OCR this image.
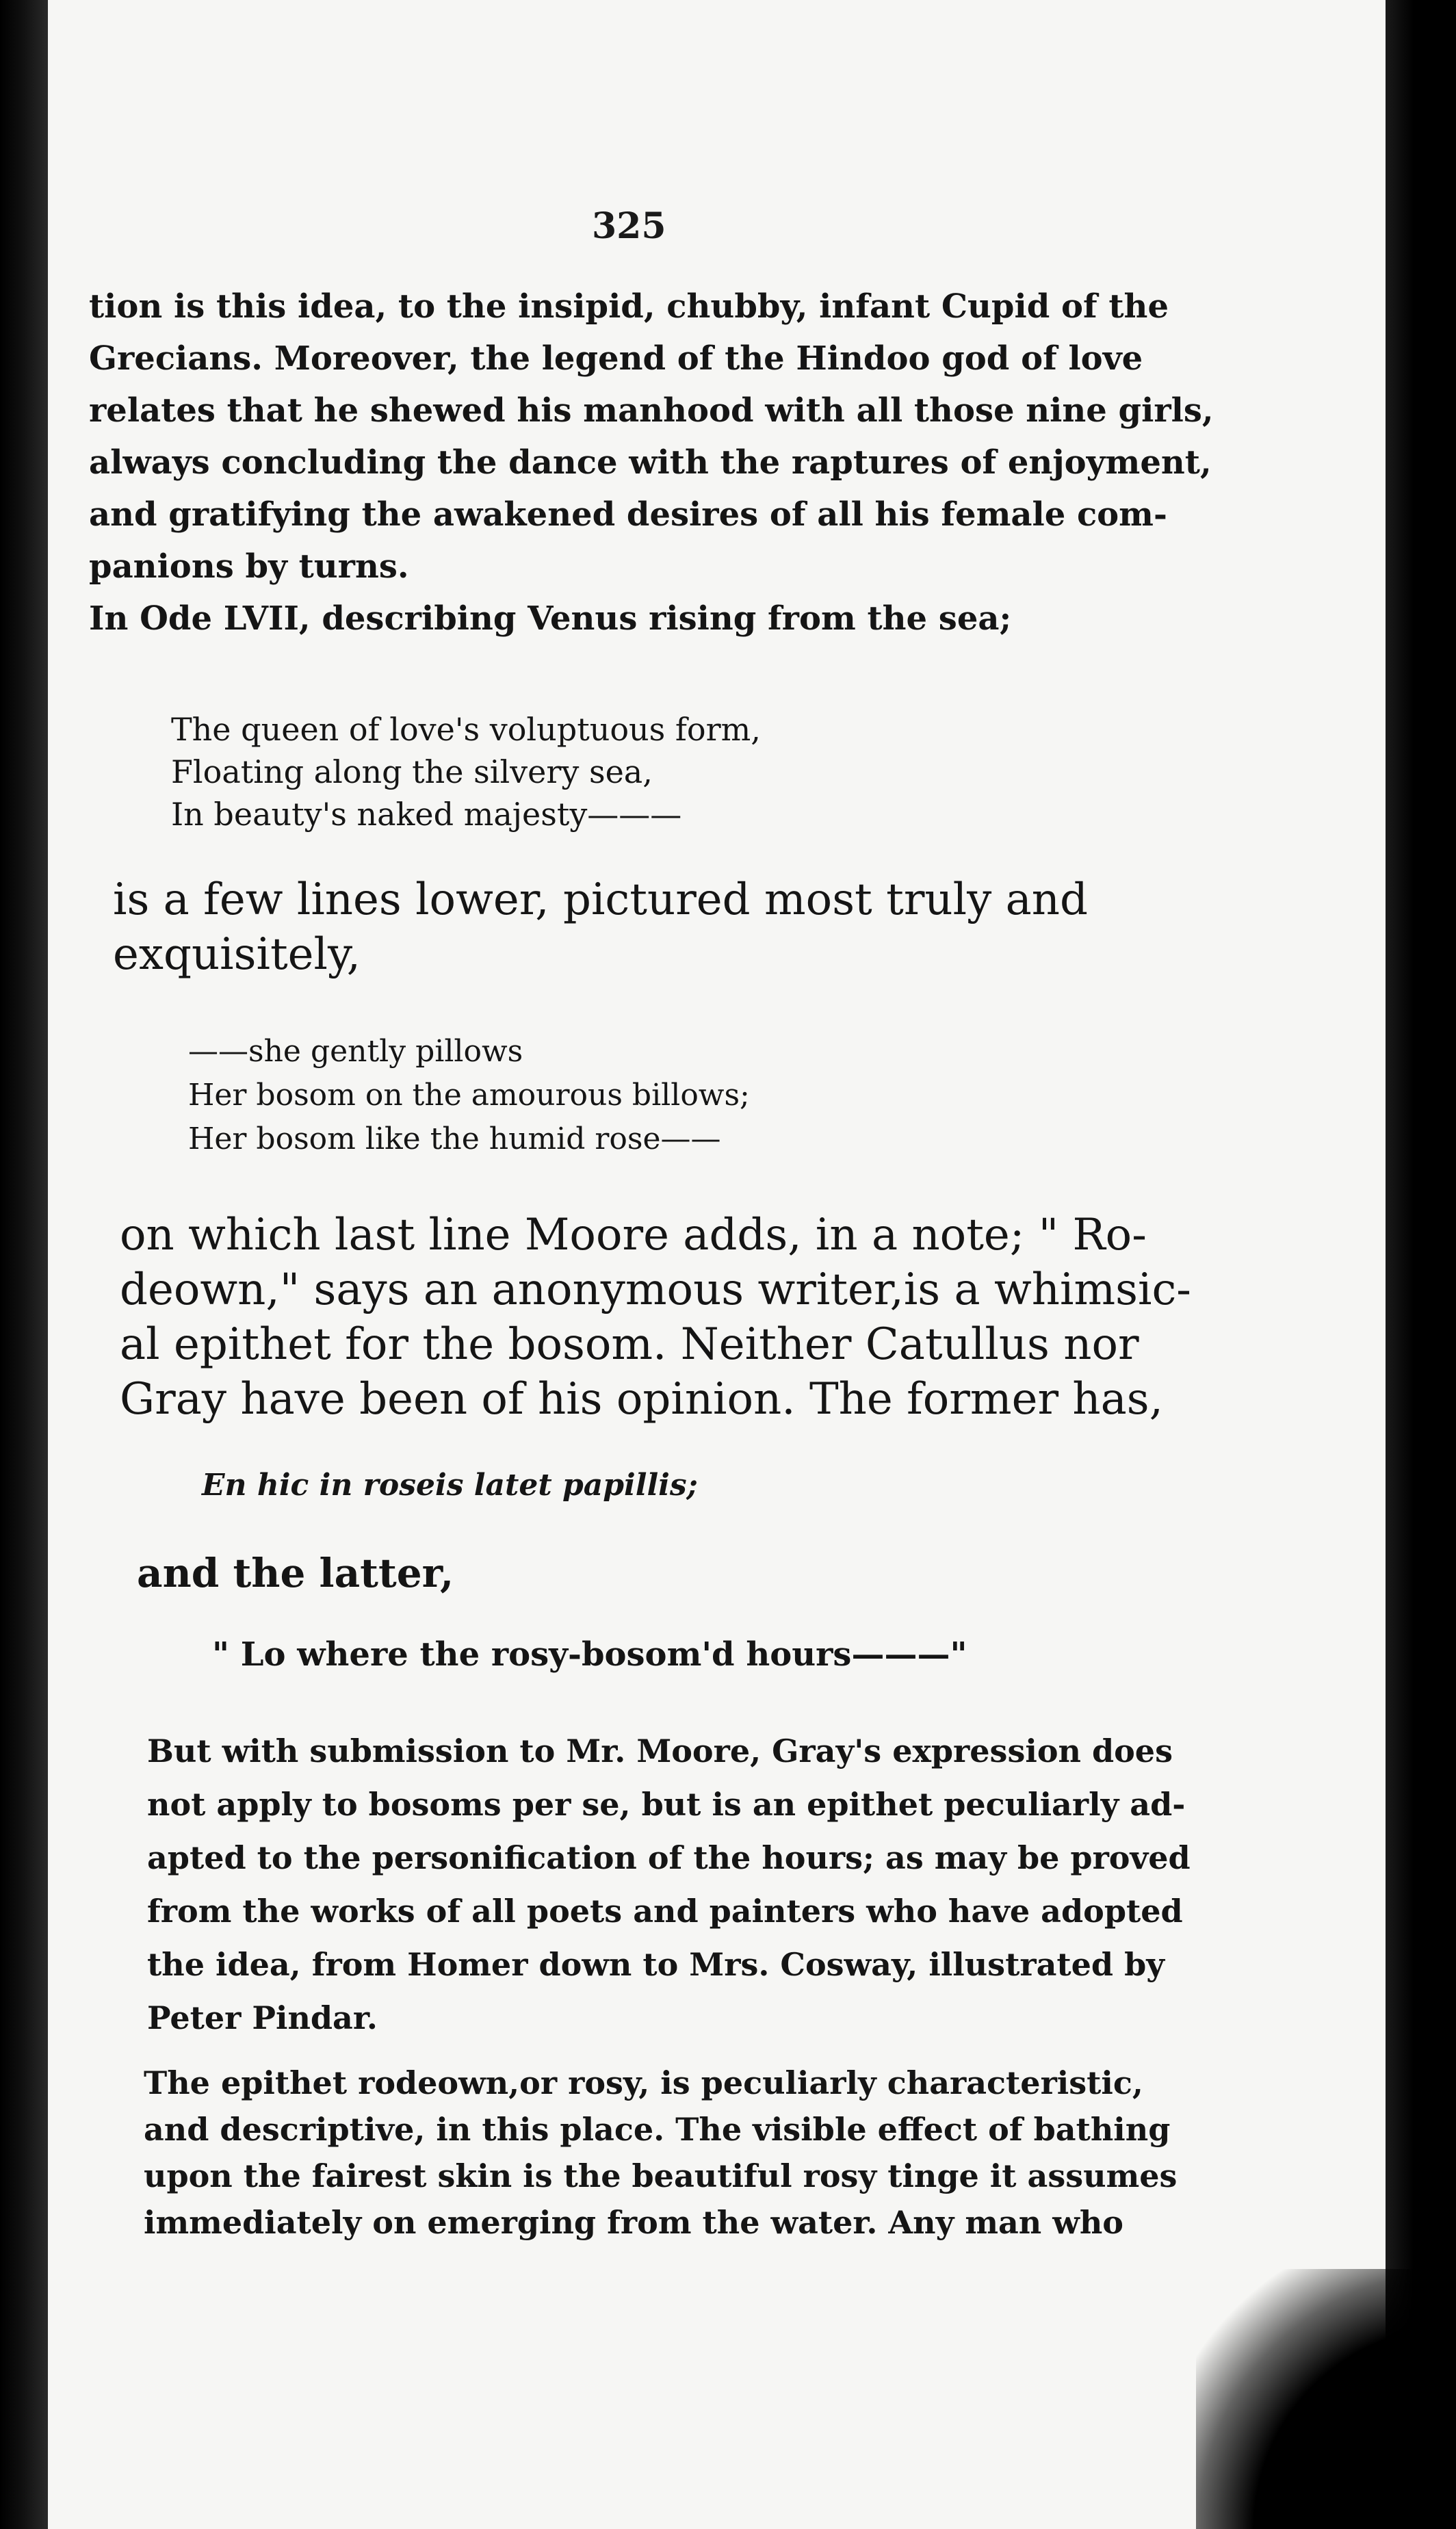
325
tion is this idea, to the insipid, chubby, infant Cupid of the
Grecians. Moreover, the legend of the Hindoo god of love
relates that he shewed his manhood with all those nine girls,
always concluding the dance with the raptures of enjoyment,
and gratifying the awakened desires of all his female com-
panions by turns.
In Ode LVII, describing Venus rising from the sea;
The queen of love's voluptuous form,
Floating along the silvery sea,
In beauty's naked majesty———
is a few lines lower, pictured most truly and
exquisitely,
——she gently pillows
Her bosom on the amourous billows;
Her bosom like the humid rose——
on which last line Moore adds, in a note; " Ro-
deown," says an anonymous writer,is a whimsic-
al epithet for the bosom. Neither Catullus nor
Gray have been of his opinion. The former has,
En hic in roseis latet papillis;
and the latter,
" Lo where the rosy-bosom'd hours———"
But with submission to Mr. Moore, Gray's expression does
not apply to bosoms per se, but is an epithet peculiarly ad-
apted to the personification of the hours; as may be proved
from the works of all poets and painters who have adopted
the idea, from Homer down to Mrs. Cosway, illustrated by
Peter Pindar.
The epithet rodeown,or rosy, is peculiarly characteristic,
and descriptive, in this place. The visible effect of bathing
upon the fairest skin is the beautiful rosy tinge it assumes
immediately on emerging from the water. Any man who
